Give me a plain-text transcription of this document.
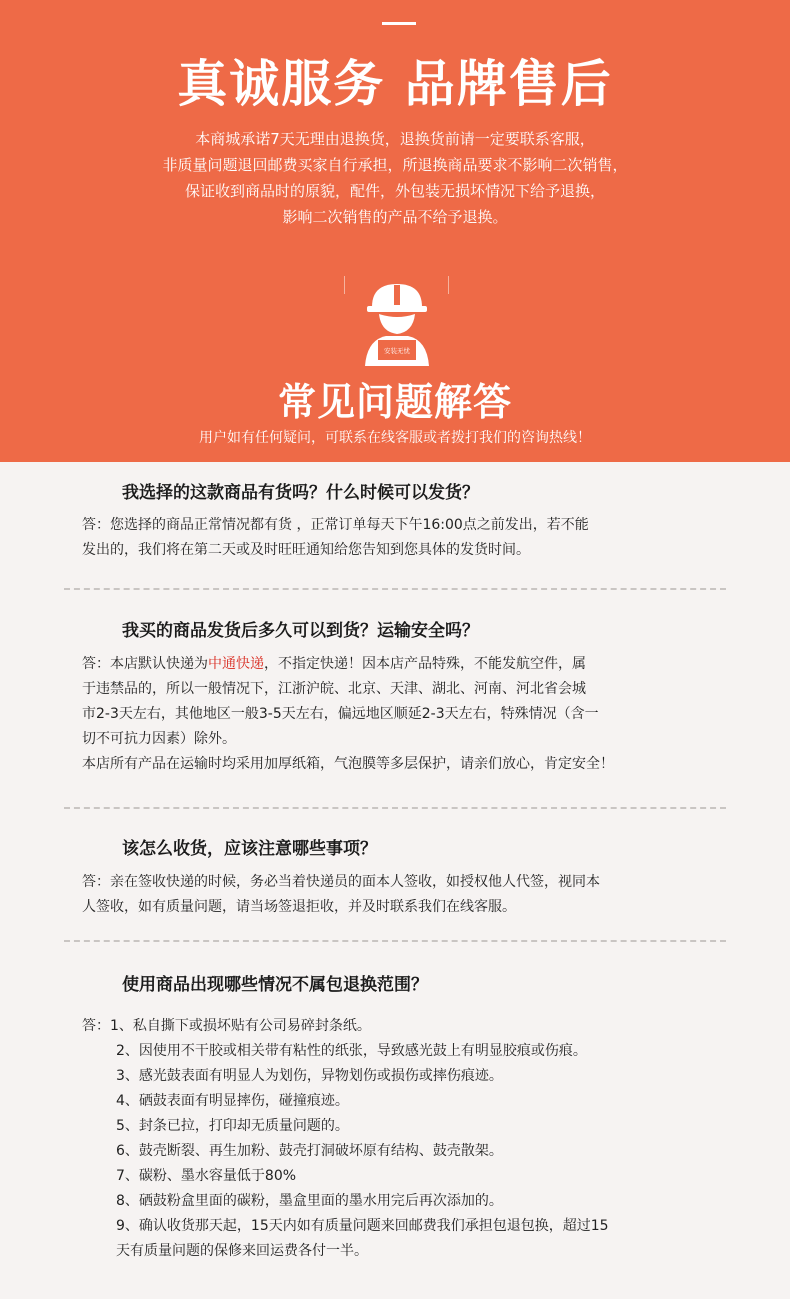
真诚服务 品牌售后
本商城承诺7天无理由退换货，退换货前请一定要联系客服，
非质量问题退回邮费买家自行承担，所退换商品要求不影响二次销售，
保证收到商品时的原貌，配件，外包装无损坏情况下给予退换，
影响二次销售的产品不给予退换。
安装无忧
常见问题解答
用户如有任何疑问，可联系在线客服或者拨打我们的咨询热线！
我选择的这款商品有货吗？什么时候可以发货？
答：您选择的商品正常情况都有货 ，正常订单每天下午16:00点之前发出，若不能
发出的，我们将在第二天或及时旺旺通知给您告知到您具体的发货时间。
我买的商品发货后多久可以到货？运输安全吗？
答：本店默认快递为中通快递，不指定快递！因本店产品特殊，不能发航空件，属
于违禁品的，所以一般情况下，江浙沪皖、北京、天津、湖北、河南、河北省会城
市2-3天左右，其他地区一般3-5天左右，偏远地区顺延2-3天左右，特殊情况（含一
切不可抗力因素）除外。
本店所有产品在运输时均采用加厚纸箱，气泡膜等多层保护，请亲们放心，肯定安全！
该怎么收货，应该注意哪些事项？
答：亲在签收快递的时候，务必当着快递员的面本人签收，如授权他人代签，视同本
人签收，如有质量问题，请当场签退拒收，并及时联系我们在线客服。
使用商品出现哪些情况不属包退换范围？
答：1、私自撕下或损坏贴有公司易碎封条纸。
2、因使用不干胶或相关带有粘性的纸张，导致感光鼓上有明显胶痕或伤痕。
3、感光鼓表面有明显人为划伤，异物划伤或损伤或摔伤痕迹。
4、硒鼓表面有明显摔伤，碰撞痕迹。
5、封条已拉，打印却无质量问题的。
6、鼓壳断裂、再生加粉、鼓壳打洞破坏原有结构、鼓壳散架。
7、碳粉、墨水容量低于80%
8、硒鼓粉盒里面的碳粉，墨盒里面的墨水用完后再次添加的。
9、确认收货那天起，15天内如有质量问题来回邮费我们承担包退包换，超过15
天有质量问题的保修来回运费各付一半。
